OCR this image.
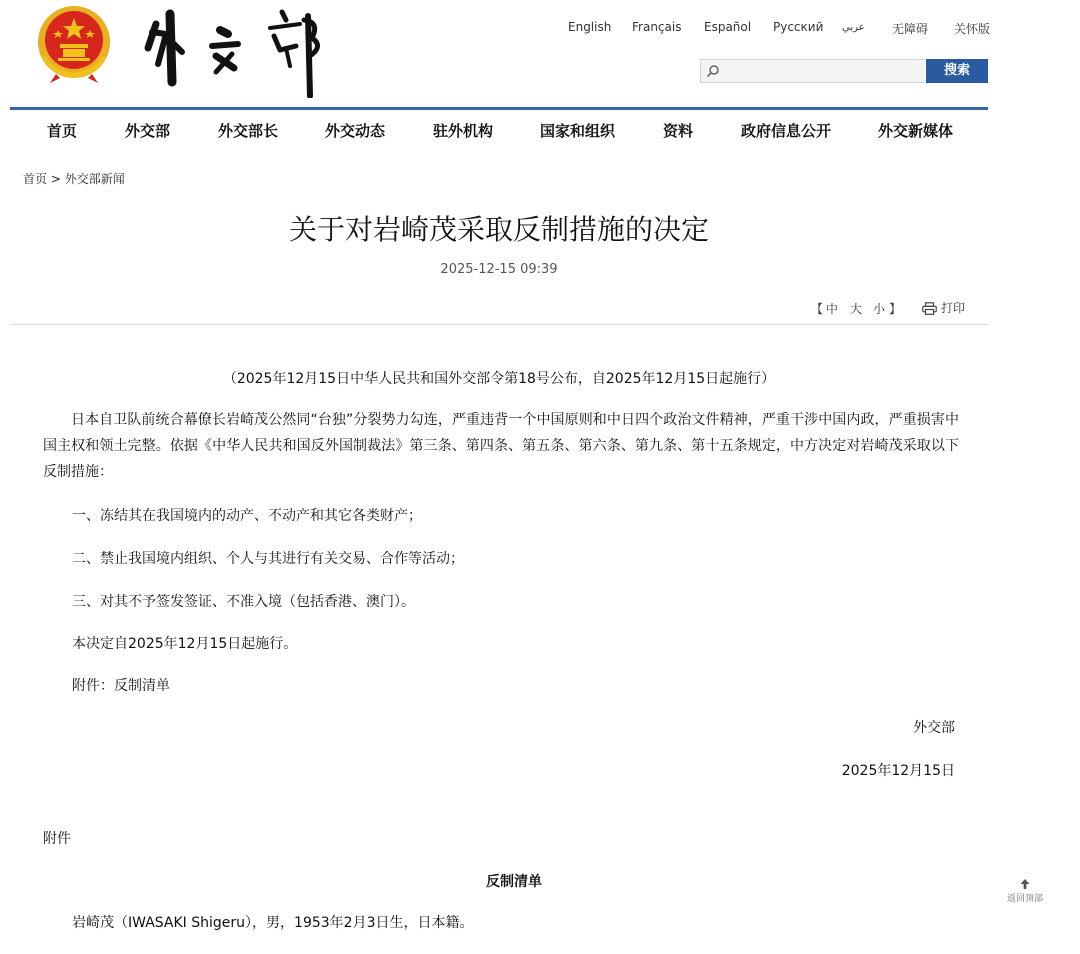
English Français Español Русский عربي 无障碍 关怀版
搜索
首页	外交部	外交部长	外交动态	驻外机构	国家和组织	资料	政府信息公开	外交新媒体
首页 > 外交部新闻
关于对岩崎茂采取反制措施的决定
2025-12-15 09:39
【 中 大 小 】	打印
（2025年12月15日中华人民共和国外交部令第18号公布，自2025年12月15日起施行）
日本自卫队前统合幕僚长岩崎茂公然同“台独”分裂势力勾连，严重违背一个中国原则和中日四个政治文件精神，严重干涉中国内政，严重损害中国主权和领土完整。依据《中华人民共和国反外国制裁法》第三条、第四条、第五条、第六条、第九条、第十五条规定，中方决定对岩崎茂采取以下反制措施：
一、冻结其在我国境内的动产、不动产和其它各类财产；
二、禁止我国境内组织、个人与其进行有关交易、合作等活动；
三、对其不予签发签证、不准入境（包括香港、澳门）。
本决定自2025年12月15日起施行。
附件：反制清单
外交部
2025年12月15日
附件
反制清单
岩崎茂（IWASAKI Shigeru），男，1953年2月3日生，日本籍。
返回顶部
